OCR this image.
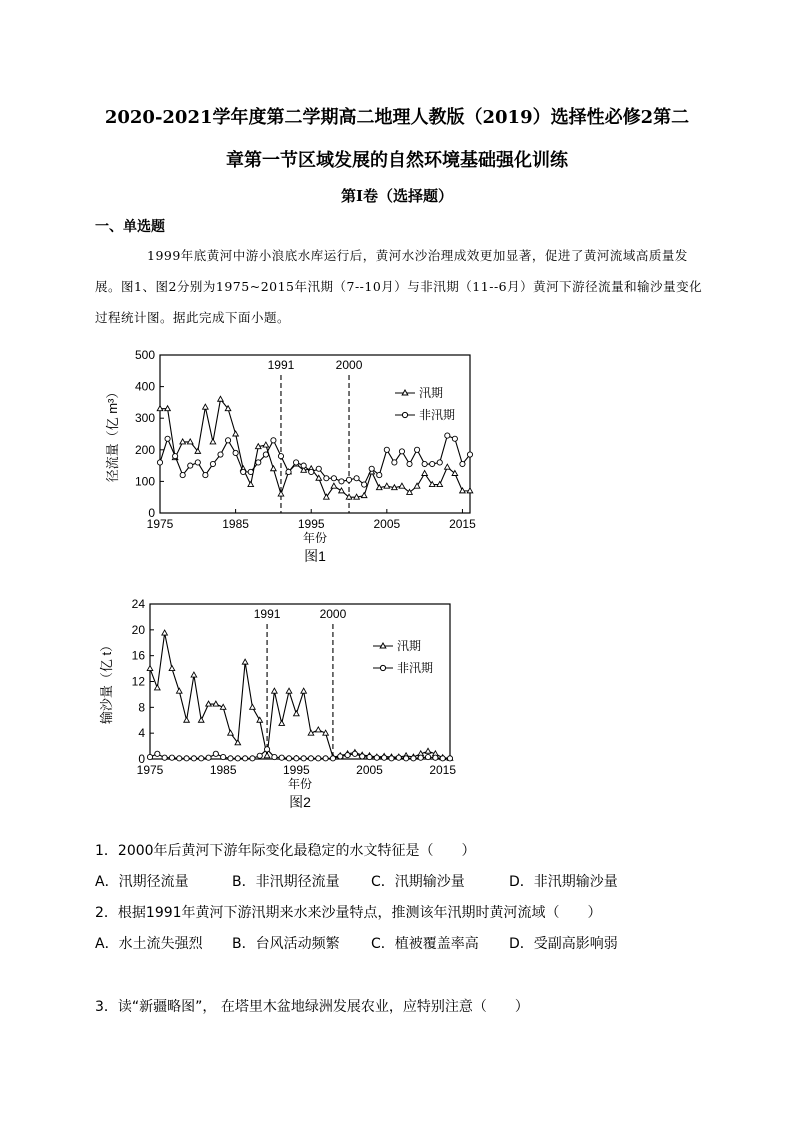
2020-2021学年度第二学期高二地理人教版（2019）选择性必修2第二
章第一节区域发展的自然环境基础强化训练
第I卷（选择题）
一、单选题
1999年底黄河中游小浪底水库运行后，黄河水沙治理成效更加显著，促进了黄河流域高质量发展。图1、图2分别为1975~2015年汛期（7--10月）与非汛期（11--6月）黄河下游径流量和输沙量变化过程统计图。据此完成下面小题。
0
100
200
300
400
500
1975	1985	1995	2005	2015
1991	2000
汛期
非汛期
年份
径流量（亿 m³）
图1
0
4
8
12
16
20
24
1975	1985	1995	2005	2015
1991	2000
汛期
非汛期
年份
输沙量（亿 t）
图2
1．2000年后黄河下游年际变化最稳定的水文特征是（　　）
A．汛期径流量	B．非汛期径流量 C．汛期输沙量	D．非汛期输沙量
2．根据1991年黄河下游汛期来水来沙量特点，推测该年汛期时黄河流域（　　）
A．水土流失强烈 B．台风活动频繁 C．植被覆盖率高 D．受副高影响弱
3．读“新疆略图”， 在塔里木盆地绿洲发展农业，应特别注意（　　）
